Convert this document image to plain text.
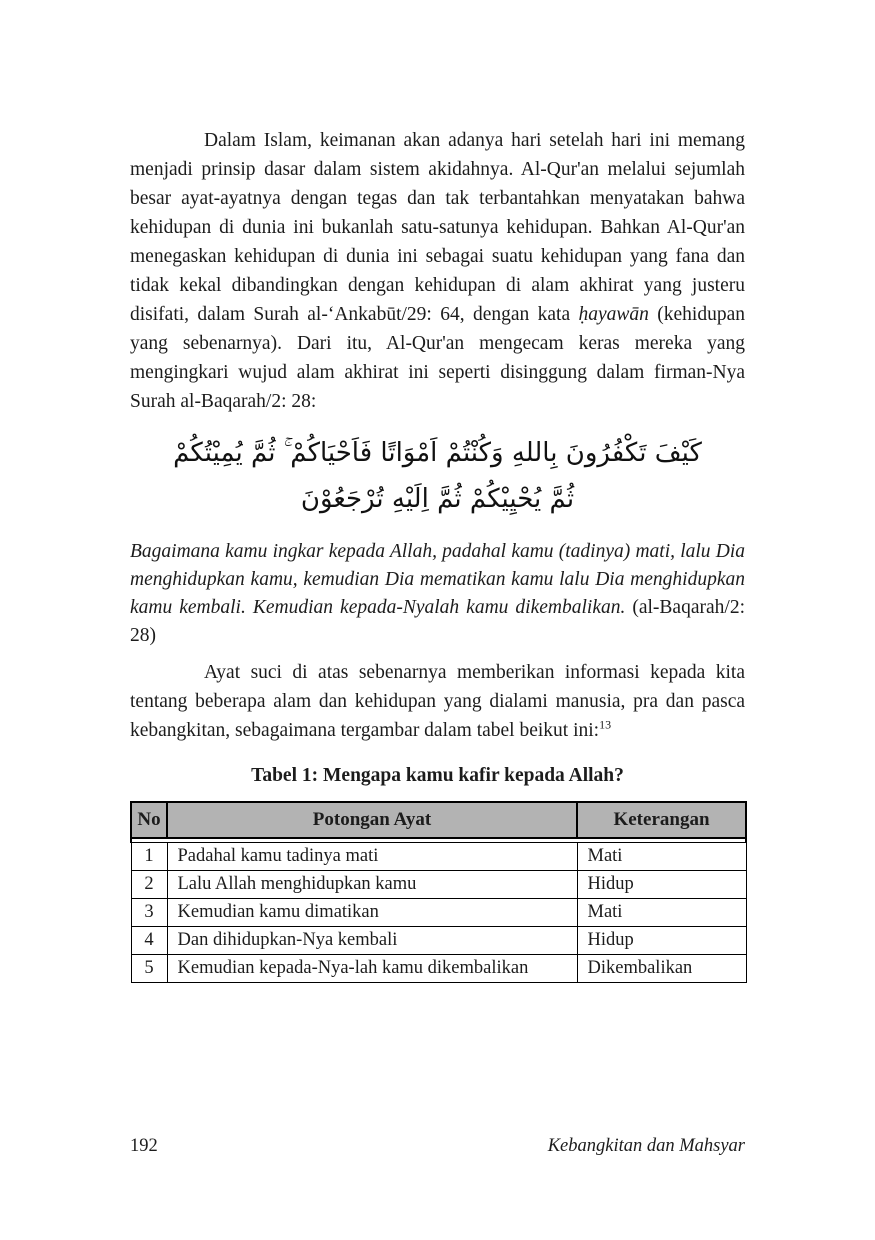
Dalam Islam, keimanan akan adanya hari setelah hari ini memang menjadi prinsip dasar dalam sistem akidahnya. Al-Qur'an melalui sejumlah besar ayat-ayatnya dengan tegas dan tak terbantahkan menyatakan bahwa kehidupan di dunia ini bukanlah satu-satunya kehidupan. Bahkan Al-Qur'an menegaskan kehidupan di dunia ini sebagai suatu kehidupan yang fana dan tidak kekal dibandingkan dengan kehidupan di alam akhirat yang justeru disifati, dalam Surah al-‘Ankabūt/29: 64, dengan kata ḥayawān (kehidupan yang sebenarnya). Dari itu, Al-Qur'an mengecam keras mereka yang mengingkari wujud alam akhirat ini seperti disinggung dalam firman-Nya Surah al-Baqarah/2: 28:

كَيْفَ تَكْفُرُونَ بِاللهِ وَكُنْتُمْ اَمْوَاتًا فَاَحْيَاكُمْ ۚ ثُمَّ يُمِيْتُكُمْ
ثُمَّ يُحْيِيْكُمْ ثُمَّ اِلَيْهِ تُرْجَعُوْنَ

Bagaimana kamu ingkar kepada Allah, padahal kamu (tadinya) mati, lalu Dia menghidupkan kamu, kemudian Dia mematikan kamu lalu Dia menghidupkan kamu kembali. Kemudian kepada-Nyalah kamu dikembalikan. (al-Baqarah/2: 28)

Ayat suci di atas sebenarnya memberikan informasi kepada kita tentang beberapa alam dan kehidupan yang dialami manusia, pra dan pasca kebangkitan, sebagaimana tergambar dalam tabel beikut ini:$^{13}$

Tabel 1: Mengapa kamu kafir kepada Allah?
No	Potongan Ayat	Keterangan

1	Padahal kamu tadinya mati	Mati
2	Lalu Allah menghidupkan kamu	Hidup
3	Kemudian kamu dimatikan	Mati
4	Dan dihidupkan-Nya kembali	Hidup
5	Kemudian kepada-Nya-lah kamu dikembalikan	Dikembalikan
192	Kebangkitan dan Mahsyar
